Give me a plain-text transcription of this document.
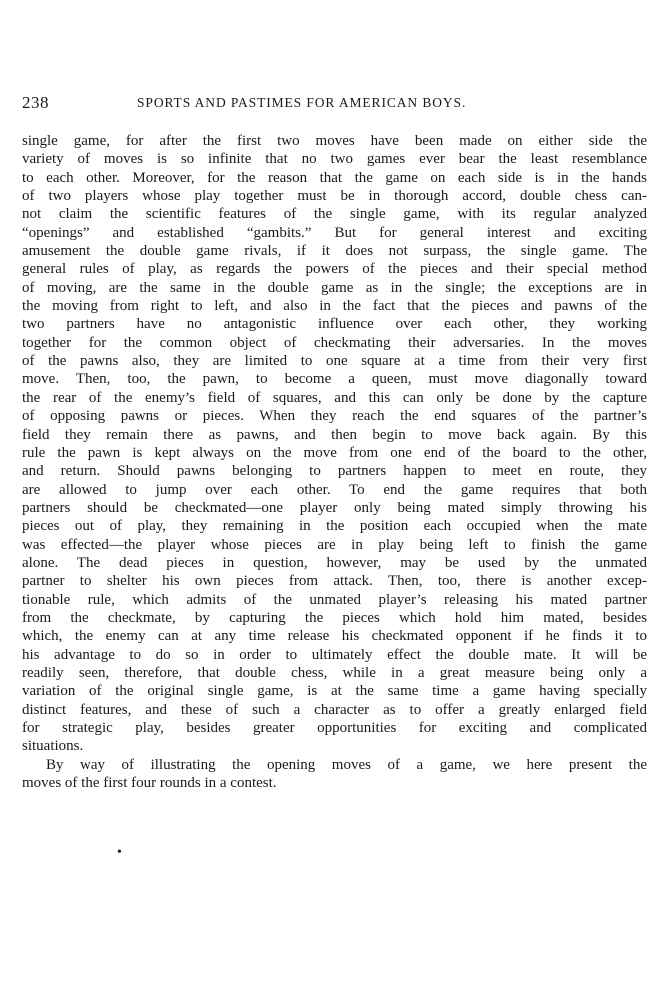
238	SPORTS AND PASTIMES FOR AMERICAN BOYS.
single game, for after the first two moves have been made on either side the
variety of moves is so infinite that no two games ever bear the least resemblance
to each other. Moreover, for the reason that the game on each side is in the hands
of two players whose play together must be in thorough accord, double chess can-
not claim the scientific features of the single game, with its regular analyzed
“openings” and established “gambits.” But for general interest and exciting
amusement the double game rivals, if it does not surpass, the single game. The
general rules of play, as regards the powers of the pieces and their special method
of moving, are the same in the double game as in the single; the exceptions are in
the moving from right to left, and also in the fact that the pieces and pawns of the
two partners have no antagonistic influence over each other, they working
together for the common object of checkmating their adversaries. In the moves
of the pawns also, they are limited to one square at a time from their very first
move. Then, too, the pawn, to become a queen, must move diagonally toward
the rear of the enemy’s field of squares, and this can only be done by the capture
of opposing pawns or pieces. When they reach the end squares of the partner’s
field they remain there as pawns, and then begin to move back again. By this
rule the pawn is kept always on the move from one end of the board to the other,
and return. Should pawns belonging to partners happen to meet en route, they
are allowed to jump over each other. To end the game requires that both
partners should be checkmated—one player only being mated simply throwing his
pieces out of play, they remaining in the position each occupied when the mate
was effected—the player whose pieces are in play being left to finish the game
alone. The dead pieces in question, however, may be used by the unmated
partner to shelter his own pieces from attack. Then, too, there is another excep-
tionable rule, which admits of the unmated player’s releasing his mated partner
from the checkmate, by capturing the pieces which hold him mated, besides
which, the enemy can at any time release his checkmated opponent if he finds it to
his advantage to do so in order to ultimately effect the double mate. It will be
readily seen, therefore, that double chess, while in a great measure being only a
variation of the original single game, is at the same time a game having specially
distinct features, and these of such a character as to offer a greatly enlarged field
for strategic play, besides greater opportunities for exciting and complicated
situations.
By way of illustrating the opening moves of a game, we here present the
moves of the first four rounds in a contest.
•
